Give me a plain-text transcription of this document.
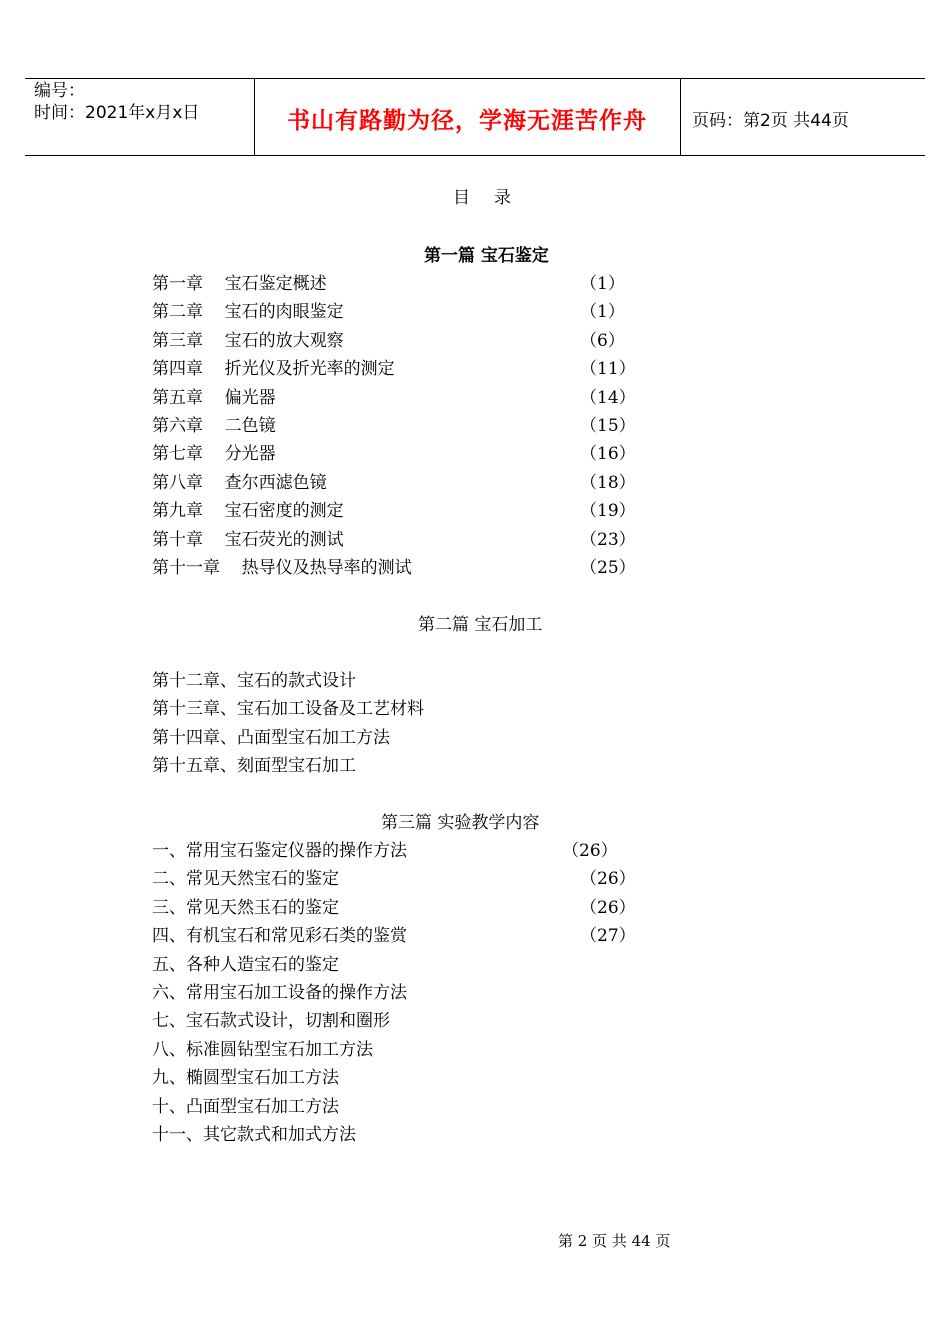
编号：
时间：2021年x月x日	书山有路勤为径，学海无涯苦作舟	页码：第2页 共44页
目录
第一篇 宝石鉴定
第一章    宝石鉴定概述	（1）
第二章    宝石的肉眼鉴定	（1）
第三章    宝石的放大观察	（6）
第四章    折光仪及折光率的测定	（11）
第五章    偏光器	（14）
第六章    二色镜	（15）
第七章    分光器	（16）
第八章    查尔西滤色镜	（18）
第九章    宝石密度的测定	（19）
第十章    宝石荧光的测试	（23）
第十一章    热导仪及热导率的测试	（25）
第二篇 宝石加工
第十二章、宝石的款式设计
第十三章、宝石加工设备及工艺材料
第十四章、凸面型宝石加工方法
第十五章、刻面型宝石加工
第三篇 实验教学内容
一、常用宝石鉴定仪器的操作方法	（26）
二、常见天然宝石的鉴定	（26）
三、常见天然玉石的鉴定	（26）
四、有机宝石和常见彩石类的鉴赏	（27）
五、各种人造宝石的鉴定
六、常用宝石加工设备的操作方法
七、宝石款式设计，切割和圈形
八、标准圆钻型宝石加工方法
九、椭圆型宝石加工方法
十、凸面型宝石加工方法
十一、其它款式和加式方法
第 2 页 共 44 页
